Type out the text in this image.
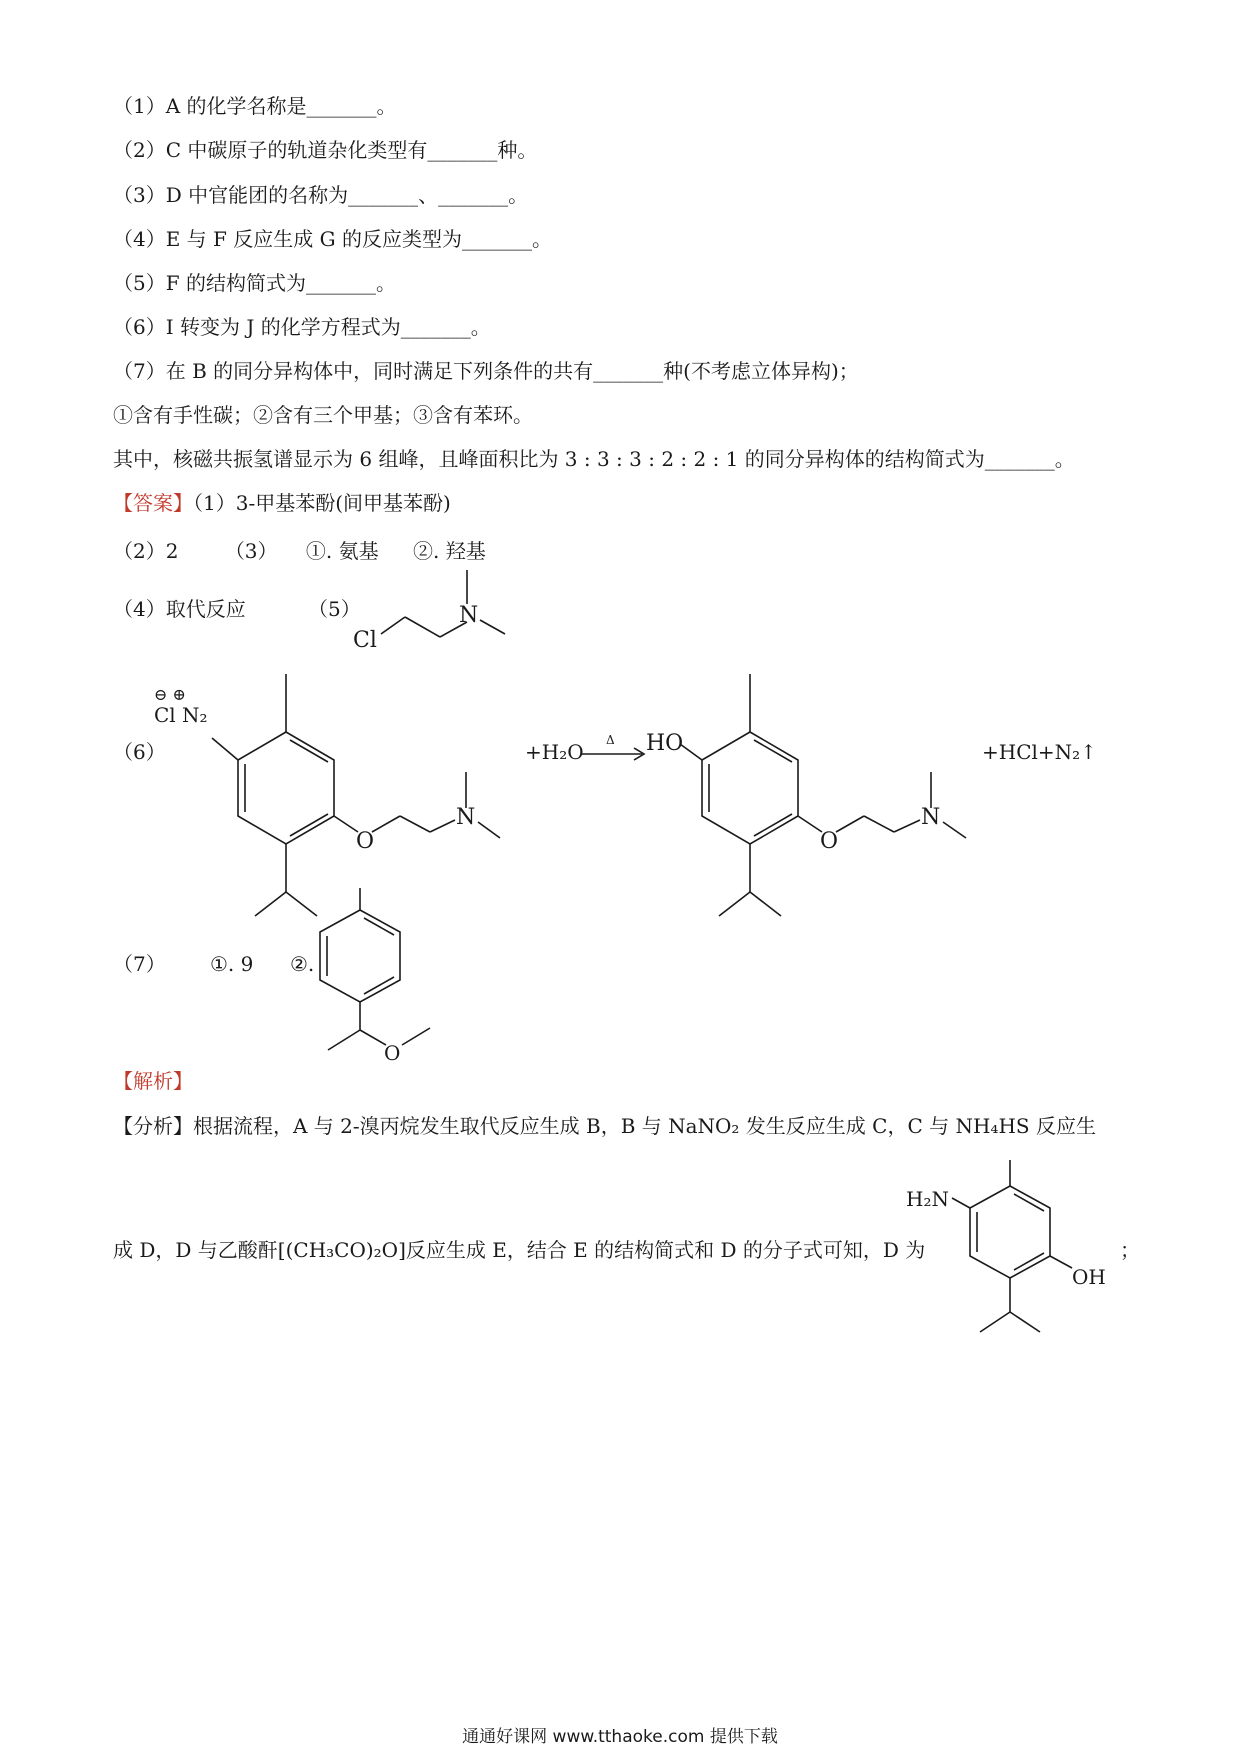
（1）A 的化学名称是_______。
（2）C 中碳原子的轨道杂化类型有_______种。
（3）D 中官能团的名称为_______、_______。
（4）E 与 F 反应生成 G 的反应类型为_______。
（5）F 的结构简式为_______。
（6）I 转变为 J 的化学方程式为_______。
（7）在 B 的同分异构体中，同时满足下列条件的共有_______种(不考虑立体异构)；
①含有手性碳；②含有三个甲基；③含有苯环。
其中，核磁共振氢谱显示为 6 组峰，且峰面积比为 3 : 3 : 3 : 2 : 2 : 1 的同分异构体的结构简式为_______。
【答案】（1）3-甲基苯酚(间甲基苯酚)
（2）2 （3） ①. 氨基 ②. 羟基
（4）取代反应	（5）
Cl
N
（6）
O
N
Cl N₂
⊖ ⊕
+H₂O Δ HO
O
N
+HCl+N₂↑
（7） ①. 9 ②.
O
【解析】
【分析】根据流程，A 与 2-溴丙烷发生取代反应生成 B，B 与 NaNO₂ 发生反应生成 C，C 与 NH₄HS 反应生
成 D，D 与乙酸酐[(CH₃CO)₂O]反应生成 E，结合 E 的结构简式和 D 的分子式可知，D 为	；
H₂N
OH
通通好课网 www.tthaoke.com 提供下载
